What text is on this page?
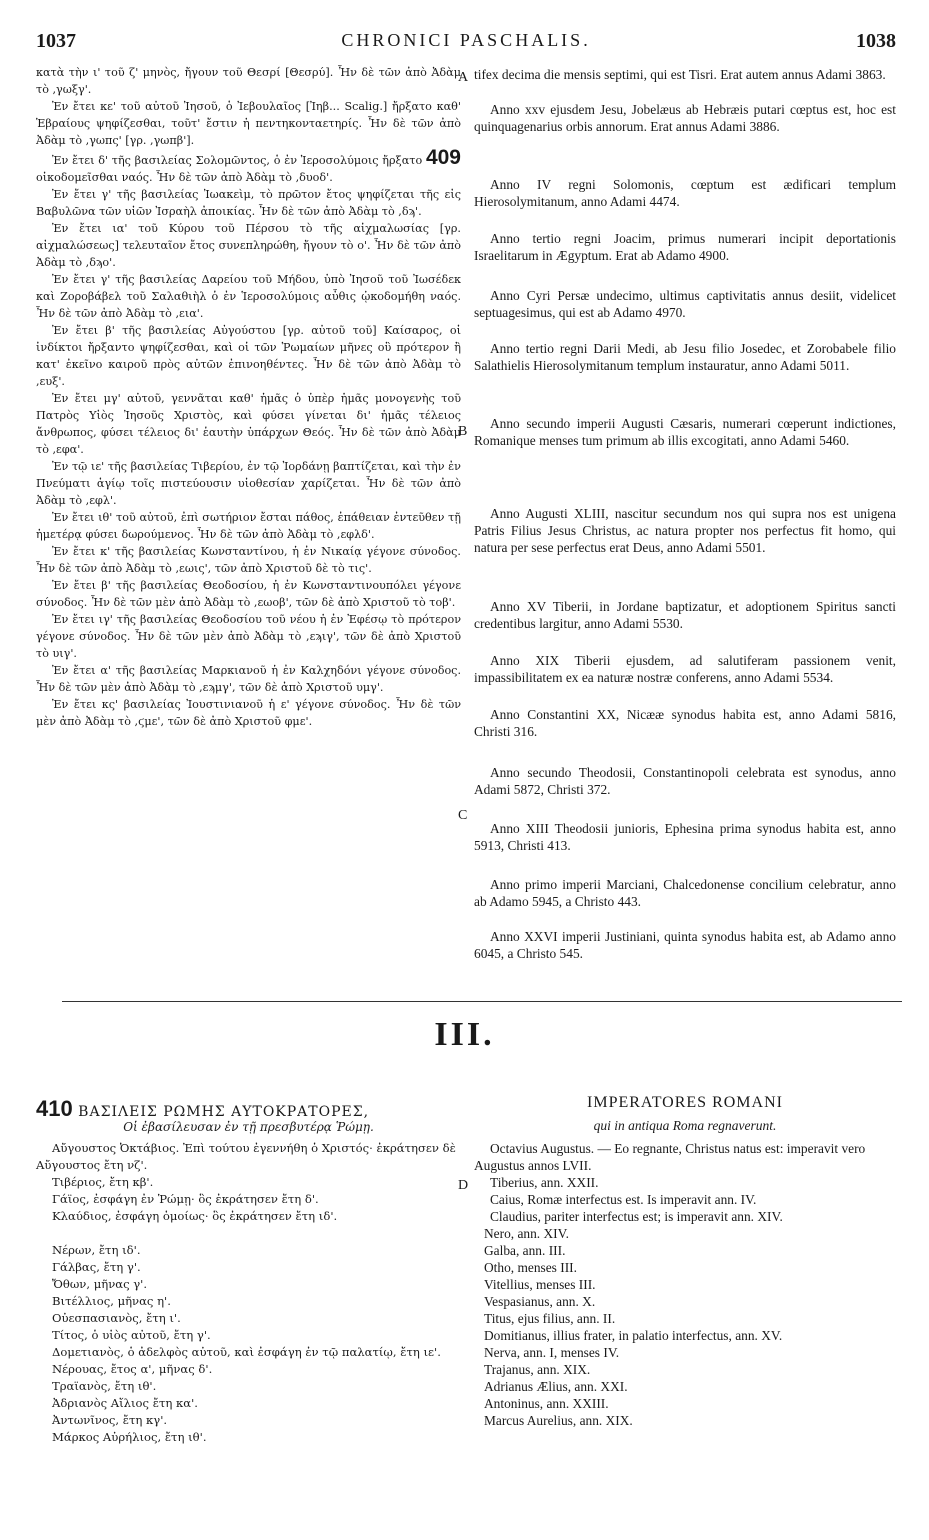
1037	CHRONICI PASCHALIS.	1038

κατὰ τὴν ι' τοῦ ζ' μηνὸς, ἤγουν τοῦ Θεσρί [Θεσρύ]. Ἦν δὲ τῶν ἀπὸ Ἀδὰμ τὸ ,γωξγ'.

Ἐν ἔτει κε' τοῦ αὐτοῦ Ἰησοῦ, ὁ Ἰεβουλαῖος [Ἰηβ... Scalig.] ἤρξατο καθ' Ἑβραίους ψηφίζεσθαι, τοῦτ' ἔστιν ἡ πεντηκονταετηρίς. Ἦν δὲ τῶν ἀπὸ Ἀδὰμ τὸ ,γωπς' [γρ. ,γωπβ'].

Ἐν ἔτει δ' τῆς βασιλείας Σολομῶντος, ὁ ἐν Ἱεροσολύμοις ἤρξατο 409 οἰκοδομεῖσθαι ναός. Ἦν δὲ τῶν ἀπὸ Ἀδὰμ τὸ ,δυοδ'.

Ἐν ἔτει γ' τῆς βασιλείας Ἰωακεὶμ, τὸ πρῶτον ἔτος ψηφίζεται τῆς εἰς Βαβυλῶνα τῶν υἱῶν Ἰσραὴλ ἀποικίας. Ἦν δὲ τῶν ἀπὸ Ἀδὰμ τὸ ,δϡ'.

Ἐν ἔτει ια' τοῦ Κύρου τοῦ Πέρσου τὸ τῆς αἰχμαλωσίας [γρ. αἰχμαλώσεως] τελευταῖον ἔτος συνεπληρώθη, ἤγουν τὸ ο'. Ἦν δὲ τῶν ἀπὸ Ἀδὰμ τὸ ,δϡο'.

Ἐν ἔτει γ' τῆς βασιλείας Δαρείου τοῦ Μήδου, ὑπὸ Ἰησοῦ τοῦ Ἰωσέδεκ καὶ Ζοροβάβελ τοῦ Σαλαθιὴλ ὁ ἐν Ἱεροσολύμοις αὖθις ᾠκοδομήθη ναός. Ἦν δὲ τῶν ἀπὸ Ἀδὰμ τὸ ,εια'.

Ἐν ἔτει β' τῆς βασιλείας Αὐγούστου [γρ. αὐτοῦ τοῦ] Καίσαρος, οἱ ἰνδίκτοι ἤρξαντο ψηφίζεσθαι, καὶ οἱ τῶν Ῥωμαίων μῆνες οὓ πρότερον ἢ κατ' ἐκεῖνο καιροῦ πρὸς αὐτῶν ἐπινοηθέντες. Ἦν δὲ τῶν ἀπὸ Ἀδὰμ τὸ ,ευξ'.

Ἐν ἔτει μγ' αὐτοῦ, γεννᾶται καθ' ἡμᾶς ὁ ὑπὲρ ἡμᾶς μονογενὴς τοῦ Πατρὸς Υἱὸς Ἰησοῦς Χριστὸς, καὶ φύσει γίνεται δι' ἡμᾶς τέλειος ἄνθρωπος, φύσει τέλειος δι' ἑαυτὴν ὑπάρχων Θεός. Ἦν δὲ τῶν ἀπὸ Ἀδὰμ τὸ ,εφα'.

Ἐν τῷ ιε' τῆς βασιλείας Τιβερίου, ἐν τῷ Ἰορδάνῃ βαπτίζεται, καὶ τὴν ἐν Πνεύματι ἁγίῳ τοῖς πιστεύουσιν υἱοθεσίαν χαρίζεται. Ἦν δὲ τῶν ἀπὸ Ἀδὰμ τὸ ,εφλ'.

Ἐν ἔτει ιθ' τοῦ αὐτοῦ, ἐπὶ σωτήριον ἔσται πάθος, ἐπάθειαν ἐντεῦθεν τῇ ἡμετέρᾳ φύσει δωρούμενος. Ἦν δὲ τῶν ἀπὸ Ἀδὰμ τὸ ,εφλδ'.

Ἐν ἔτει κ' τῆς βασιλείας Κωνσταντίνου, ἡ ἐν Νικαίᾳ γέγονε σύνοδος. Ἦν δὲ τῶν ἀπὸ Ἀδὰμ τὸ ,εωις', τῶν ἀπὸ Χριστοῦ δὲ τὸ τις'.

Ἐν ἔτει β' τῆς βασιλείας Θεοδοσίου, ἡ ἐν Κωνσταντινουπόλει γέγονε σύνοδος. Ἦν δὲ τῶν μὲν ἀπὸ Ἀδὰμ τὸ ,εωοβ', τῶν δὲ ἀπὸ Χριστοῦ τὸ τοβ'.

Ἐν ἔτει ιγ' τῆς βασιλείας Θεοδοσίου τοῦ νέου ἡ ἐν Ἐφέσῳ τὸ πρότερον γέγονε σύνοδος. Ἦν δὲ τῶν μὲν ἀπὸ Ἀδὰμ τὸ ,εϡιγ', τῶν δὲ ἀπὸ Χριστοῦ τὸ υιγ'.

Ἐν ἔτει α' τῆς βασιλείας Μαρκιανοῦ ἡ ἐν Καλχηδόνι γέγονε σύνοδος. Ἦν δὲ τῶν μὲν ἀπὸ Ἀδὰμ τὸ ,εϡμγ', τῶν δὲ ἀπὸ Χριστοῦ υμγ'.

Ἐν ἔτει κς' βασιλείας Ἰουστινιανοῦ ἡ ε' γέγονε σύνοδος. Ἦν δὲ τῶν μὲν ἀπὸ Ἀδὰμ τὸ ,ϛμε', τῶν δὲ ἀπὸ Χριστοῦ φμε'.

A
B
C
D

tifex decima die mensis septimi, qui est Tisri. Erat autem annus Adami 3863.

Anno xxv ejusdem Jesu, Jobelæus ab Hebræis putari cœptus est, hoc est quinquagenarius orbis annorum. Erat annus Adami 3886.

Anno IV regni Solomonis, cœptum est ædificari templum Hierosolymitanum, anno Adami 4474.

Anno tertio regni Joacim, primus numerari incipit deportationis Israelitarum in Ægyptum. Erat ab Adamo 4900.

Anno Cyri Persæ undecimo, ultimus captivitatis annus desiit, videlicet septuagesimus, qui est ab Adamo 4970.

Anno tertio regni Darii Medi, ab Jesu filio Josedec, et Zorobabele filio Salathielis Hierosolymitanum templum instauratur, anno Adami 5011.

Anno secundo imperii Augusti Cæsaris, numerari cœperunt indictiones, Romanique menses tum primum ab illis excogitati, anno Adami 5460.

Anno Augusti XLIII, nascitur secundum nos qui supra nos est unigena Patris Filius Jesus Christus, ac natura propter nos perfectus fit homo, qui natura per sese perfectus erat Deus, anno Adami 5501.

Anno XV Tiberii, in Jordane baptizatur, et adoptionem Spiritus sancti credentibus largitur, anno Adami 5530.

Anno XIX Tiberii ejusdem, ad salutiferam passionem venit, impassibilitatem ex ea naturæ nostræ conferens, anno Adami 5534.

Anno Constantini XX, Nicææ synodus habita est, anno Adami 5816, Christi 316.

Anno secundo Theodosii, Constantinopoli celebrata est synodus, anno Adami 5872, Christi 372.

Anno XIII Theodosii junioris, Ephesina prima synodus habita est, anno 5913, Christi 413.

Anno primo imperii Marciani, Chalcedonense concilium celebratur, anno ab Adamo 5945, a Christo 443.

Anno XXVI imperii Justiniani, quinta synodus habita est, ab Adamo anno 6045, a Christo 545.

III.
410 ΒΑΣΙΛΕΙΣ ΡΩΜΗΣ ΑΥΤΟΚΡΑΤΟΡΕΣ,
Οἱ ἐβασίλευσαν ἐν τῇ πρεσβυτέρᾳ Ῥώμῃ.
IMPERATORES ROMANI
qui in antiqua Roma regnaverunt.

Αὔγουστος Ὀκτάβιος. Ἐπὶ τούτου ἐγεννήθη ὁ Χριστός· ἐκράτησεν δὲ Αὔγουστος ἔτη νζ'.

Τιβέριος, ἔτη κβ'.

Γάϊος, ἐσφάγη ἐν Ῥώμῃ· ὃς ἐκράτησεν ἔτη δ'.

Κλαύδιος, ἐσφάγη ὁμοίως· ὃς ἐκράτησεν ἔτη ιδ'.

Νέρων, ἔτη ιδ'.

Γάλβας, ἔτη γ'.

Ὄθων, μῆνας γ'.

Βιτέλλιος, μῆνας η'.

Οὐεσπασιανὸς, ἔτη ι'.

Τίτος, ὁ υἱὸς αὐτοῦ, ἔτη γ'.

Δομετιανὸς, ὁ ἀδελφὸς αὐτοῦ, καὶ ἐσφάγη ἐν τῷ παλατίῳ, ἔτη ιε'.

Νέρουας, ἔτος α', μῆνας δ'.

Τραϊανὸς, ἔτη ιθ'.

Ἀδριανὸς Αἴλιος ἔτη κα'.

Ἀντωνῖνος, ἔτη κγ'.

Μάρκος Αὐρήλιος, ἔτη ιθ'.

Octavius Augustus. — Eo regnante, Christus natus est: imperavit vero Augustus annos LVII.

Tiberius, ann. XXII.

Caius, Romæ interfectus est. Is imperavit ann. IV.

Claudius, pariter interfectus est; is imperavit ann. XIV.

Nero, ann. XIV.

Galba, ann. III.

Otho, menses III.

Vitellius, menses III.

Vespasianus, ann. X.

Titus, ejus filius, ann. II.

Domitianus, illius frater, in palatio interfectus, ann. XV.

Nerva, ann. I, menses IV.

Trajanus, ann. XIX.

Adrianus Ælius, ann. XXI.

Antoninus, ann. XXIII.

Marcus Aurelius, ann. XIX.
